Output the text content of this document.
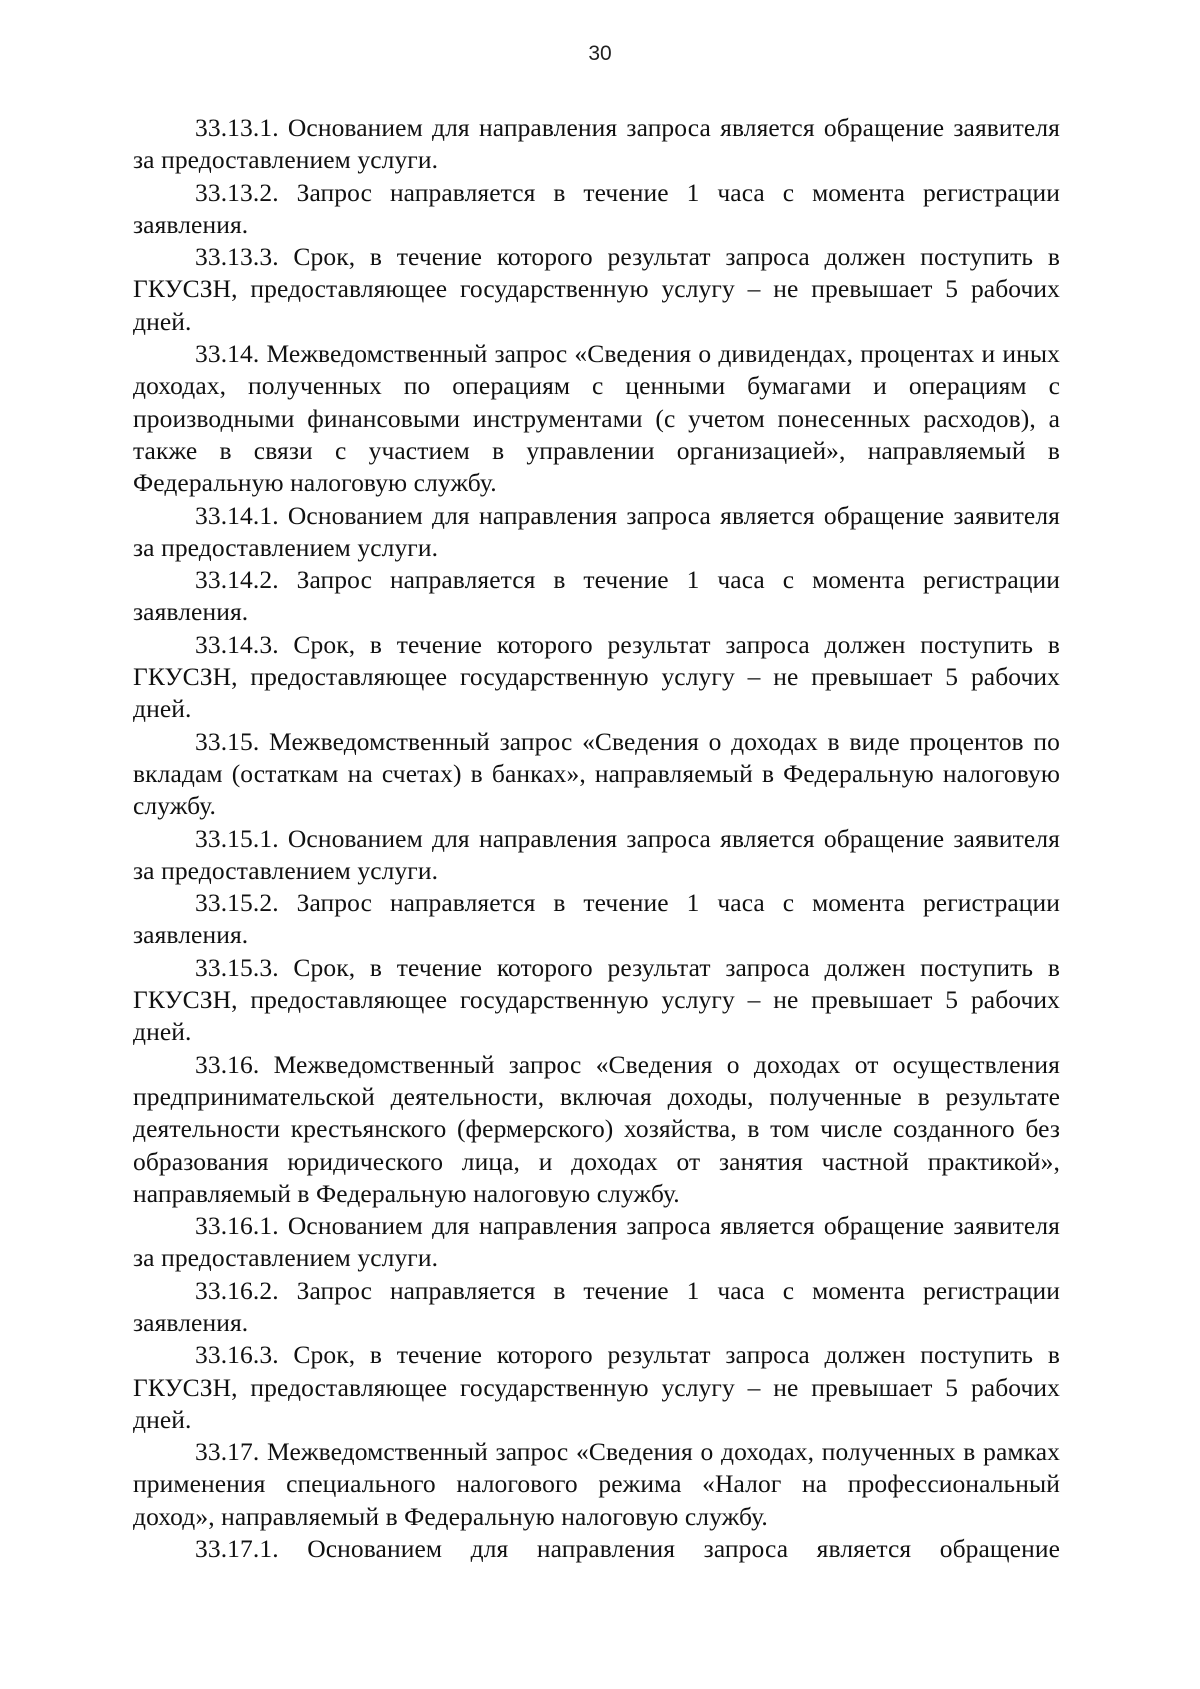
30

33.13.1. Основанием для направления запроса является обращение заявителя за предоставлением услуги.

33.13.2. Запрос направляется в течение 1 часа с момента регистрации заявления.

33.13.3. Срок, в течение которого результат запроса должен поступить в ГКУСЗН, предоставляющее государственную услугу – не превышает 5 рабочих дней.

33.14. Межведомственный запрос «Сведения о дивидендах, процентах и иных доходах, полученных по операциям с ценными бумагами и операциям с производными финансовыми инструментами (с учетом понесенных расходов), а также в связи с участием в управлении организацией», направляемый в Федеральную налоговую службу.

33.14.1. Основанием для направления запроса является обращение заявителя за предоставлением услуги.

33.14.2. Запрос направляется в течение 1 часа с момента регистрации заявления.

33.14.3. Срок, в течение которого результат запроса должен поступить в ГКУСЗН, предоставляющее государственную услугу – не превышает 5 рабочих дней.

33.15. Межведомственный запрос «Сведения о доходах в виде процентов по вкладам (остаткам на счетах) в банках», направляемый в Федеральную налоговую службу.

33.15.1. Основанием для направления запроса является обращение заявителя за предоставлением услуги.

33.15.2. Запрос направляется в течение 1 часа с момента регистрации заявления.

33.15.3. Срок, в течение которого результат запроса должен поступить в ГКУСЗН, предоставляющее государственную услугу – не превышает 5 рабочих дней.

33.16. Межведомственный запрос «Сведения о доходах от осуществления предпринимательской деятельности, включая доходы, полученные в результате деятельности крестьянского (фермерского) хозяйства, в том числе созданного без образования юридического лица, и доходах от занятия частной практикой», направляемый в Федеральную налоговую службу.

33.16.1. Основанием для направления запроса является обращение заявителя за предоставлением услуги.

33.16.2. Запрос направляется в течение 1 часа с момента регистрации заявления.

33.16.3. Срок, в течение которого результат запроса должен поступить в ГКУСЗН, предоставляющее государственную услугу – не превышает 5 рабочих дней.

33.17. Межведомственный запрос «Сведения о доходах, полученных в рамках применения специального налогового режима «Налог на профессиональный доход», направляемый в Федеральную налоговую службу.

33.17.1. Основанием для направления запроса является обращение
